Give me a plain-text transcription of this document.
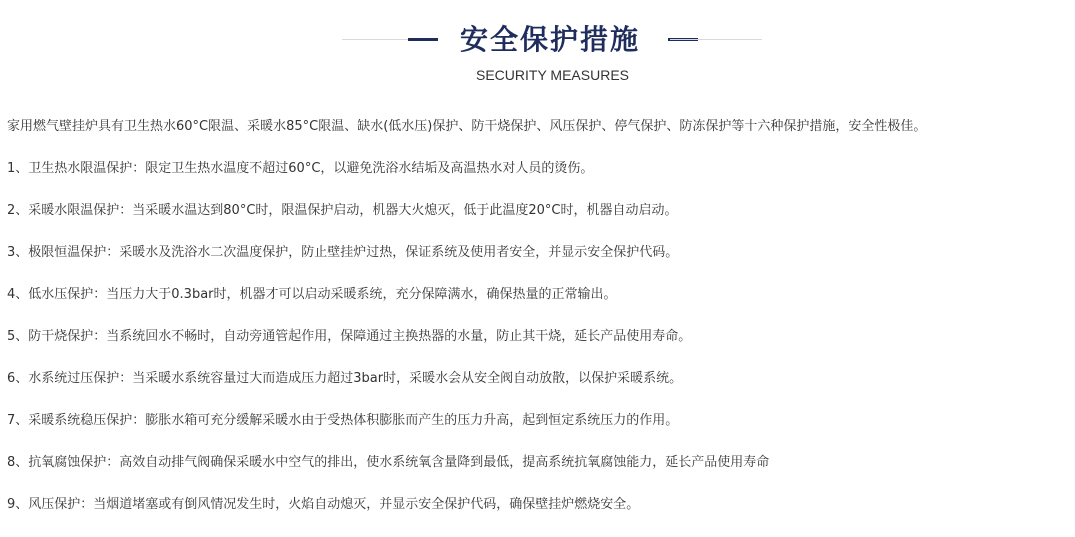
安全保护措施
SECURITY MEASURES

家用燃气壁挂炉具有卫生热水60°C限温、采暖水85°C限温、缺水(低水压)保护、防干烧保护、风压保护、停气保护、防冻保护等十六种保护措施，安全性极佳。

1、卫生热水限温保护：限定卫生热水温度不超过60°C，以避免洗浴水结垢及高温热水对人员的烫伤。

2、采暖水限温保护：当采暖水温达到80°C时，限温保护启动，机器大火熄灭，低于此温度20°C时，机器自动启动。

3、极限恒温保护：采暖水及洗浴水二次温度保护，防止壁挂炉过热，保证系统及使用者安全，并显示安全保护代码。

4、低水压保护：当压力大于0.3bar时，机器才可以启动采暖系统，充分保障满水，确保热量的正常输出。

5、防干烧保护：当系统回水不畅时，自动旁通管起作用，保障通过主换热器的水量，防止其干烧，延长产品使用寿命。

6、水系统过压保护：当采暖水系统容量过大而造成压力超过3bar时，采暖水会从安全阀自动放散，以保护采暖系统。

7、采暖系统稳压保护：膨胀水箱可充分缓解采暖水由于受热体积膨胀而产生的压力升高，起到恒定系统压力的作用。

8、抗氧腐蚀保护：高效自动排气阀确保采暖水中空气的排出，使水系统氧含量降到最低，提高系统抗氧腐蚀能力，延长产品使用寿命

9、风压保护：当烟道堵塞或有倒风情况发生时，火焰自动熄灭，并显示安全保护代码，确保壁挂炉燃烧安全。
